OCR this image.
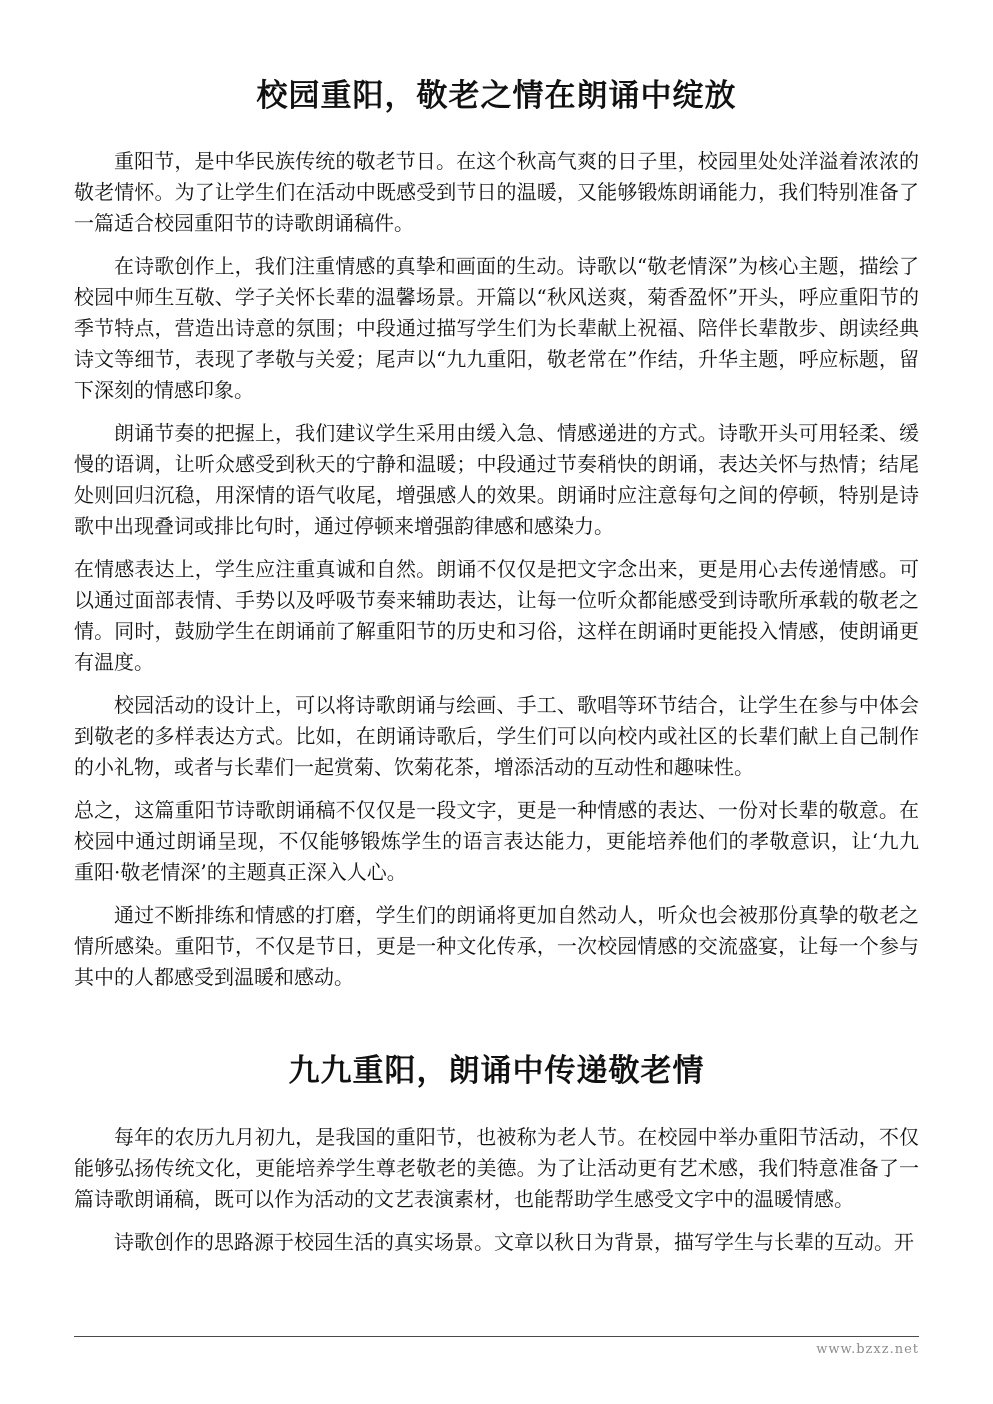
校园重阳，敬老之情在朗诵中绽放

重阳节，是中华民族传统的敬老节日。在这个秋高气爽的日子里，校园里处处洋溢着浓浓的敬老情怀。为了让学生们在活动中既感受到节日的温暖，又能够锻炼朗诵能力，我们特别准备了一篇适合校园重阳节的诗歌朗诵稿件。

在诗歌创作上，我们注重情感的真挚和画面的生动。诗歌以“敬老情深”为核心主题，描绘了校园中师生互敬、学子关怀长辈的温馨场景。开篇以“秋风送爽，菊香盈怀”开头，呼应重阳节的季节特点，营造出诗意的氛围；中段通过描写学生们为长辈献上祝福、陪伴长辈散步、朗读经典诗文等细节，表现了孝敬与关爱；尾声以“九九重阳，敬老常在”作结，升华主题，呼应标题，留下深刻的情感印象。

朗诵节奏的把握上，我们建议学生采用由缓入急、情感递进的方式。诗歌开头可用轻柔、缓慢的语调，让听众感受到秋天的宁静和温暖；中段通过节奏稍快的朗诵，表达关怀与热情；结尾处则回归沉稳，用深情的语气收尾，增强感人的效果。朗诵时应注意每句之间的停顿，特别是诗歌中出现叠词或排比句时，通过停顿来增强韵律感和感染力。

在情感表达上，学生应注重真诚和自然。朗诵不仅仅是把文字念出来，更是用心去传递情感。可以通过面部表情、手势以及呼吸节奏来辅助表达，让每一位听众都能感受到诗歌所承载的敬老之情。同时，鼓励学生在朗诵前了解重阳节的历史和习俗，这样在朗诵时更能投入情感，使朗诵更有温度。

校园活动的设计上，可以将诗歌朗诵与绘画、手工、歌唱等环节结合，让学生在参与中体会到敬老的多样表达方式。比如，在朗诵诗歌后，学生们可以向校内或社区的长辈们献上自己制作的小礼物，或者与长辈们一起赏菊、饮菊花茶，增添活动的互动性和趣味性。

总之，这篇重阳节诗歌朗诵稿不仅仅是一段文字，更是一种情感的表达、一份对长辈的敬意。在校园中通过朗诵呈现，不仅能够锻炼学生的语言表达能力，更能培养他们的孝敬意识，让‘九九重阳·敬老情深’的主题真正深入人心。

通过不断排练和情感的打磨，学生们的朗诵将更加自然动人，听众也会被那份真挚的敬老之情所感染。重阳节，不仅是节日，更是一种文化传承，一次校园情感的交流盛宴，让每一个参与其中的人都感受到温暖和感动。

九九重阳，朗诵中传递敬老情

每年的农历九月初九，是我国的重阳节，也被称为老人节。在校园中举办重阳节活动，不仅能够弘扬传统文化，更能培养学生尊老敬老的美德。为了让活动更有艺术感，我们特意准备了一篇诗歌朗诵稿，既可以作为活动的文艺表演素材，也能帮助学生感受文字中的温暖情感。

诗歌创作的思路源于校园生活的真实场景。文章以秋日为背景，描写学生与长辈的互动。开

www.bzxz.net
